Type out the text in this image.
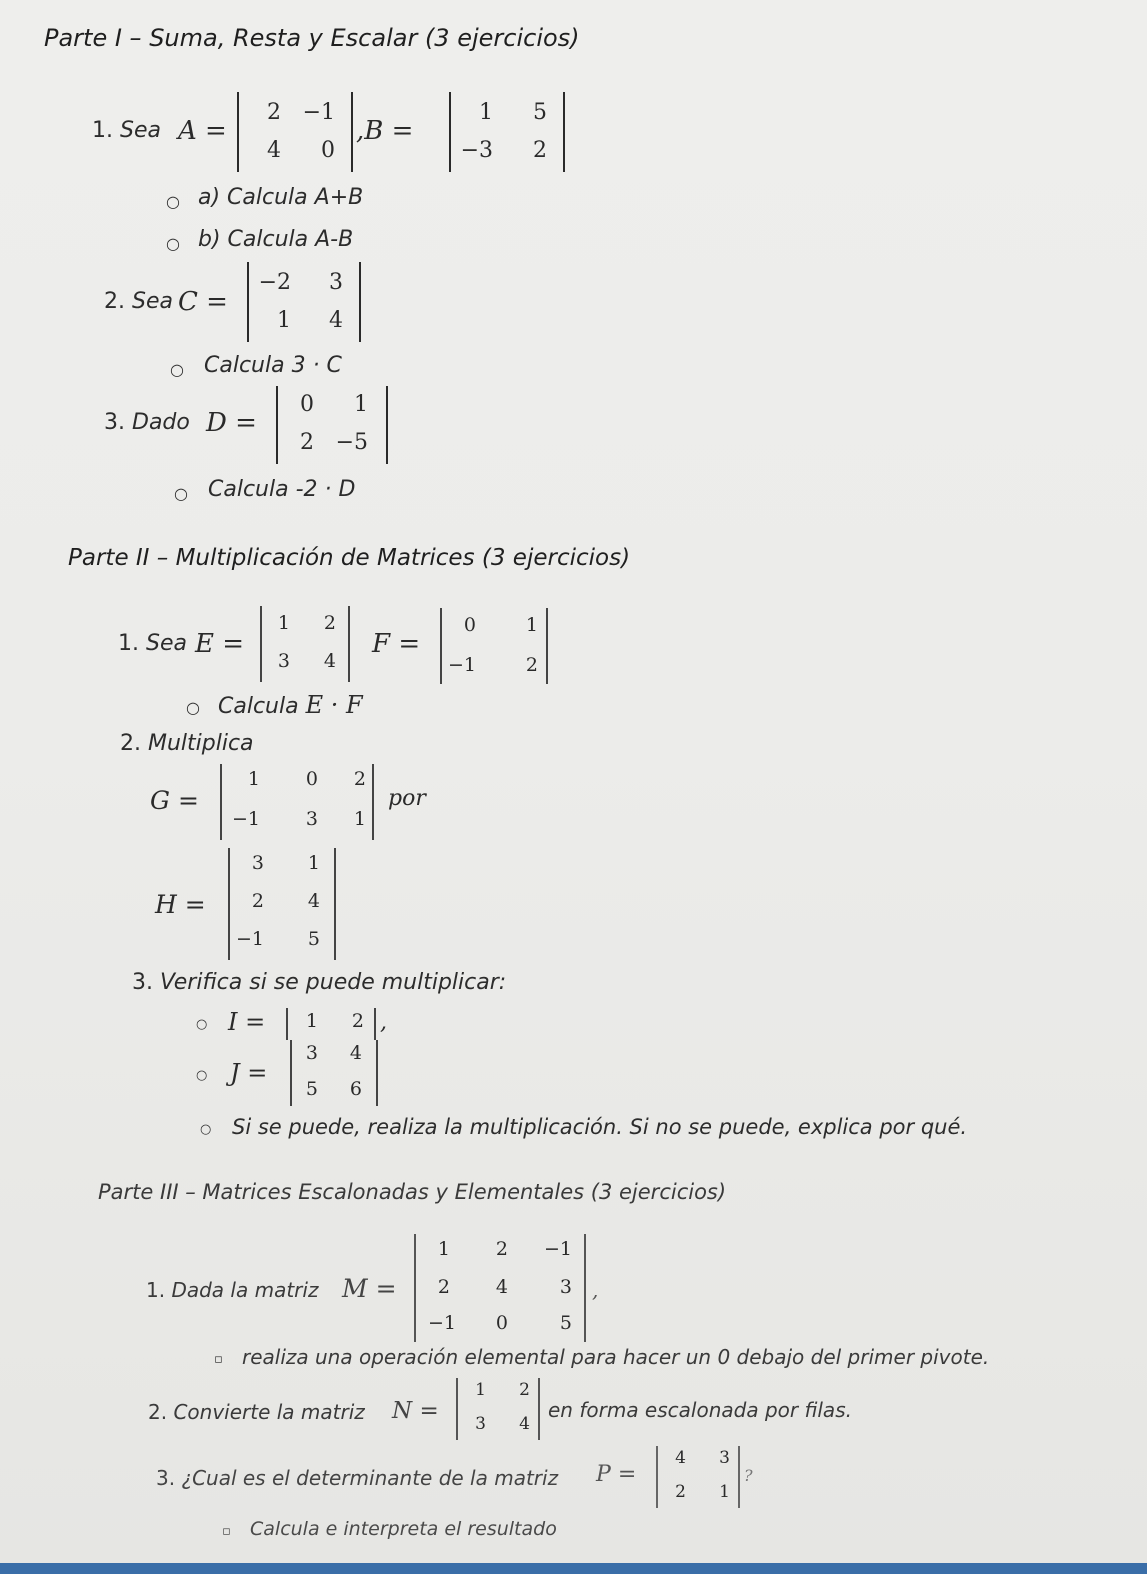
Parte I – Suma, Resta y Escalar (3 ejercicios)
1. Sea A =
2 −1
4	0
,B =
1	5
−3	2
○ a) Calcula A+B
○ b) Calcula A-B
2. Sea C =
−2	3
1	4
○ Calcula 3 · C
3. Dado D =
0	1
2 −5
○ Calcula -2 · D
Parte II – Multiplicación de Matrices (3 ejercicios)
1. Sea E =
1	2
3	4
F =
0	1
−1	2
○ Calcula E · F
2. Multiplica
G =
1	0	2
−1	3	1
por
H =
3	1
2	4
−1	5
3. Verifica si se puede multiplicar:
○ I =	1	2 ,
○ J =
3	4
5	6
○ Si se puede, realiza la multiplicación. Si no se puede, explica por qué.
Parte III – Matrices Escalonadas y Elementales (3 ejercicios)
1. Dada la matriz M =
1	2	−1
2	4	3
−1	0	5
,
▫ realiza una operación elemental para hacer un 0 debajo del primer pivote.
2. Convierte la matriz N =
1	2
3	4
en forma escalonada por filas.
3. ¿Cual es el determinante de la matriz P =
4	3
2	1
?
▫ Calcula e interpreta el resultado
